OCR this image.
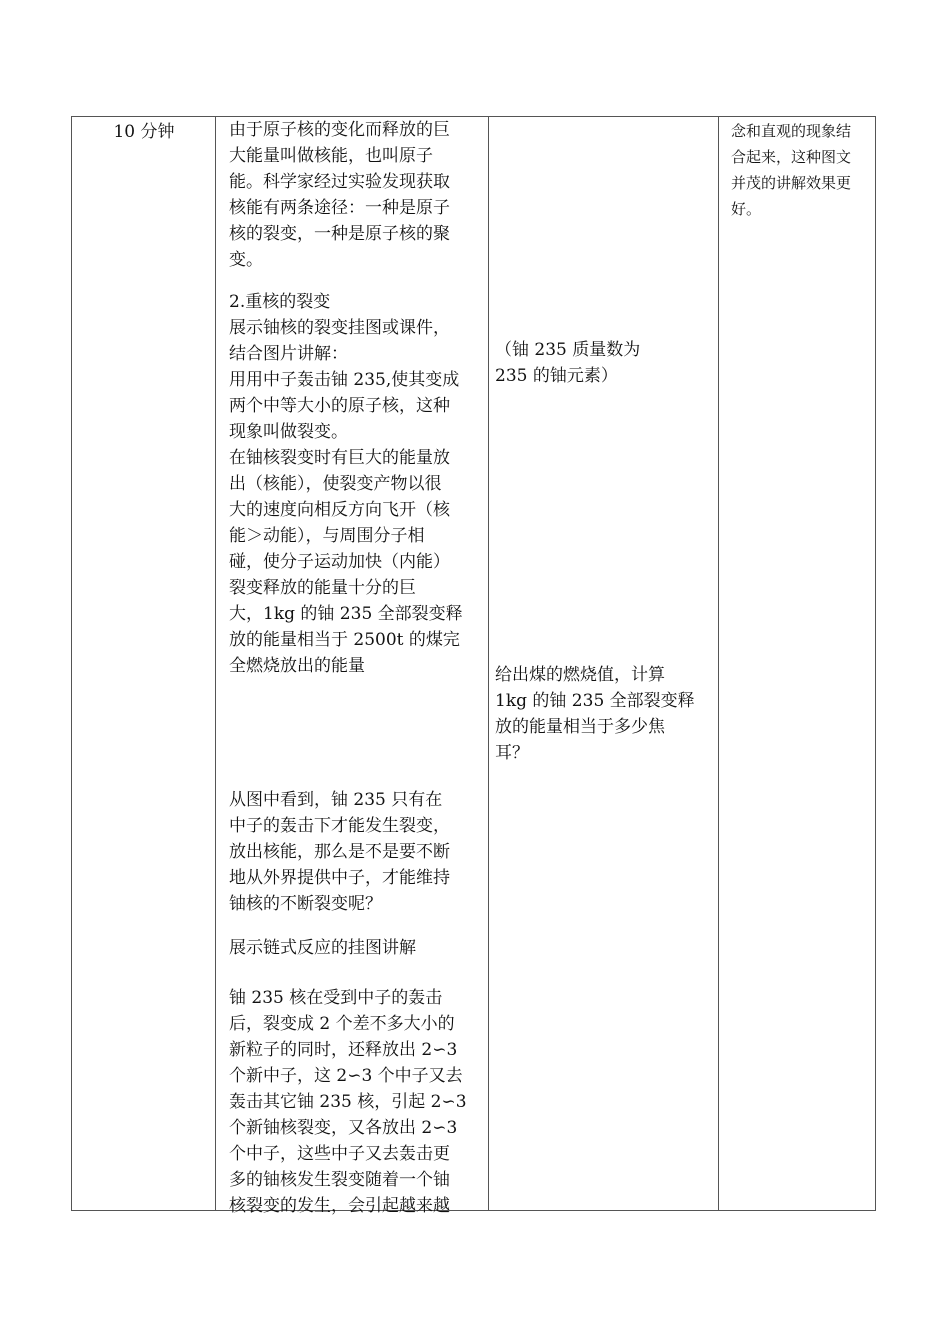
10 分钟	由于原子核的变化而释放的巨
大能量叫做核能，也叫原子
能。科学家经过实验发现获取
核能有两条途径：一种是原子
核的裂变，一种是原子核的聚
变。
2.重核的裂变
展示铀核的裂变挂图或课件，
结合图片讲解：
用用中子轰击铀 235,使其变成
两个中等大小的原子核，这种
现象叫做裂变。
在铀核裂变时有巨大的能量放
出（核能），使裂变产物以很
大的速度向相反方向飞开（核
能＞动能），与周围分子相
碰，使分子运动加快（内能）
裂变释放的能量十分的巨
大，1kg 的铀 235 全部裂变释
放的能量相当于 2500t 的煤完
全燃烧放出的能量
从图中看到，铀 235 只有在
中子的轰击下才能发生裂变，
放出核能，那么是不是要不断
地从外界提供中子，才能维持
铀核的不断裂变呢？
展示链式反应的挂图讲解
铀 235 核在受到中子的轰击
后，裂变成 2 个差不多大小的
新粒子的同时，还释放出 2∽3
个新中子，这 2∽3 个中子又去
轰击其它铀 235 核，引起 2∽3
个新铀核裂变，又各放出 2∽3
个中子，这些中子又去轰击更
多的铀核发生裂变随着一个铀
核裂变的发生，会引起越来越
（铀 235 质量数为
235 的铀元素）
给出煤的燃烧值，计算
1kg 的铀 235 全部裂变释
放的能量相当于多少焦
耳？
念和直观的现象结
合起来，这种图文
并茂的讲解效果更
好。
